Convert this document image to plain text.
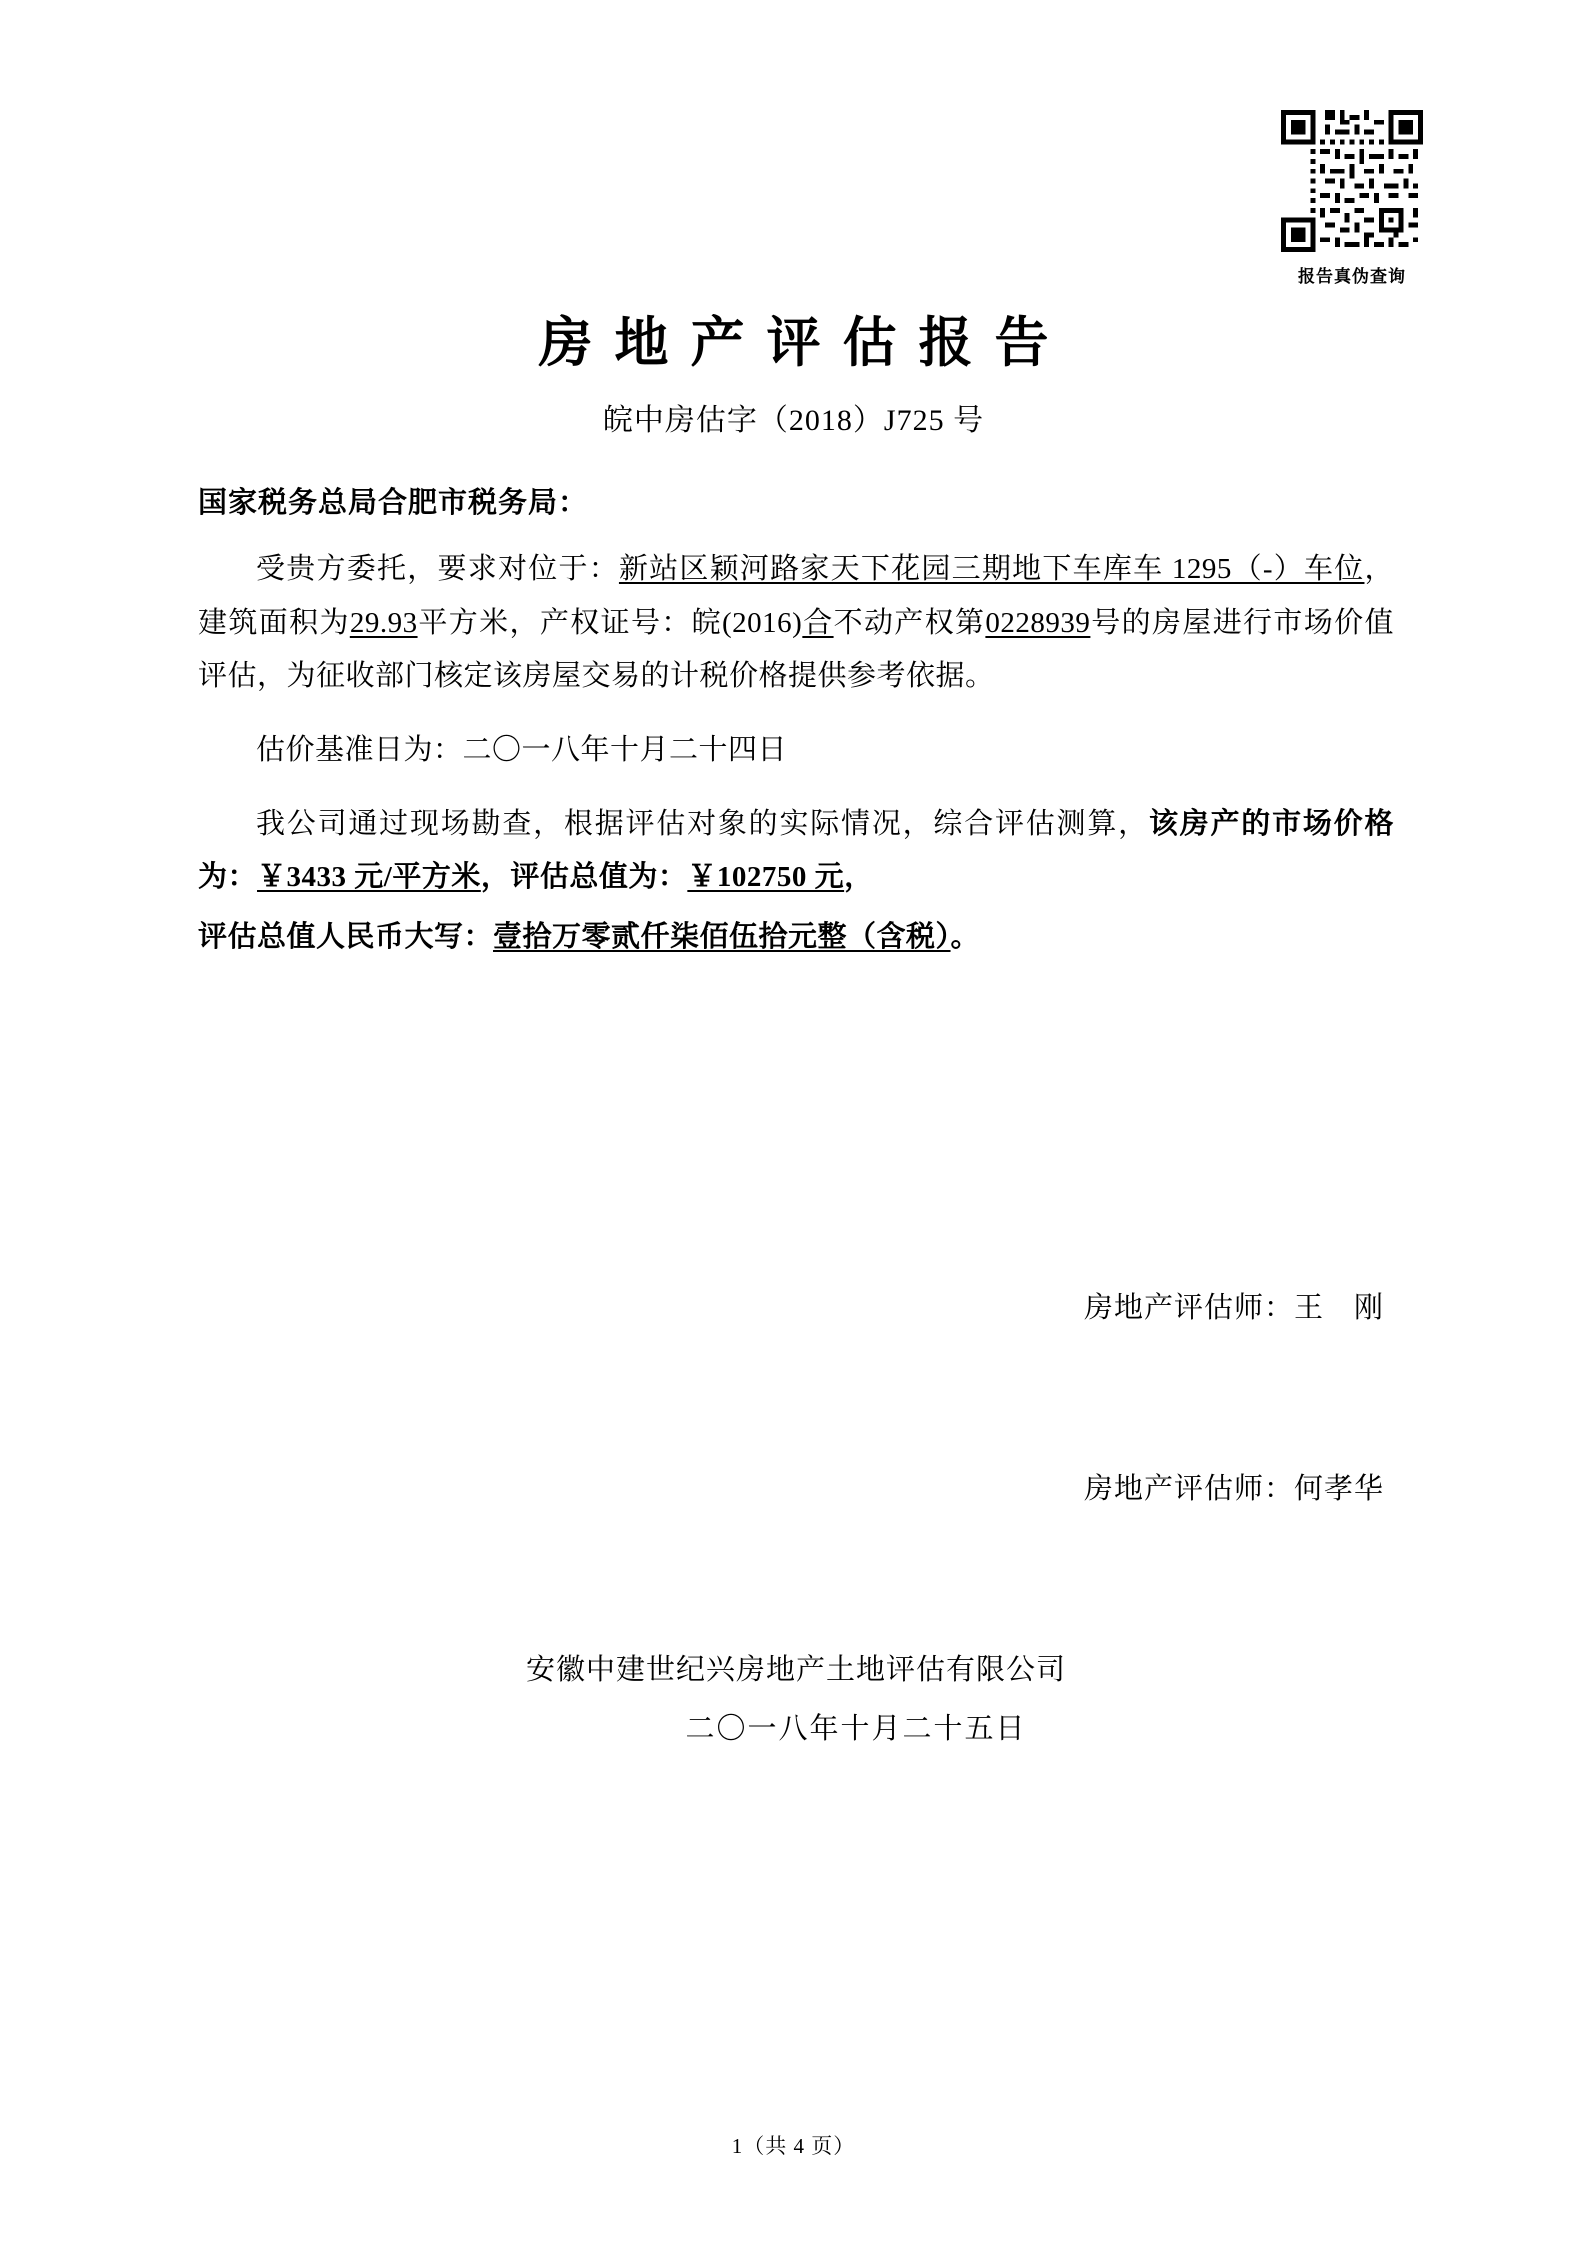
报告真伪查询
房地产评估报告
皖中房估字（2018）J725 号
国家税务总局合肥市税务局：

受贵方委托，要求对位于：新站区颖河路家天下花园三期地下车库车 1295（-）车位，建筑面积为29.93平方米，产权证号：皖(2016)合不动产权第0228939号的房屋进行市场价值评估，为征收部门核定该房屋交易的计税价格提供参考依据。

估价基准日为：二〇一八年十月二十四日

我公司通过现场勘查，根据评估对象的实际情况，综合评估测算，该房产的市场价格为：￥3433 元/平方米，评估总值为：￥102750 元，

评估总值人民币大写：壹拾万零贰仟柒佰伍拾元整（含税）。

房地产评估师：王　刚
房地产评估师：何孝华
安徽中建世纪兴房地产土地评估有限公司
二〇一八年十月二十五日
1（共 4 页）
